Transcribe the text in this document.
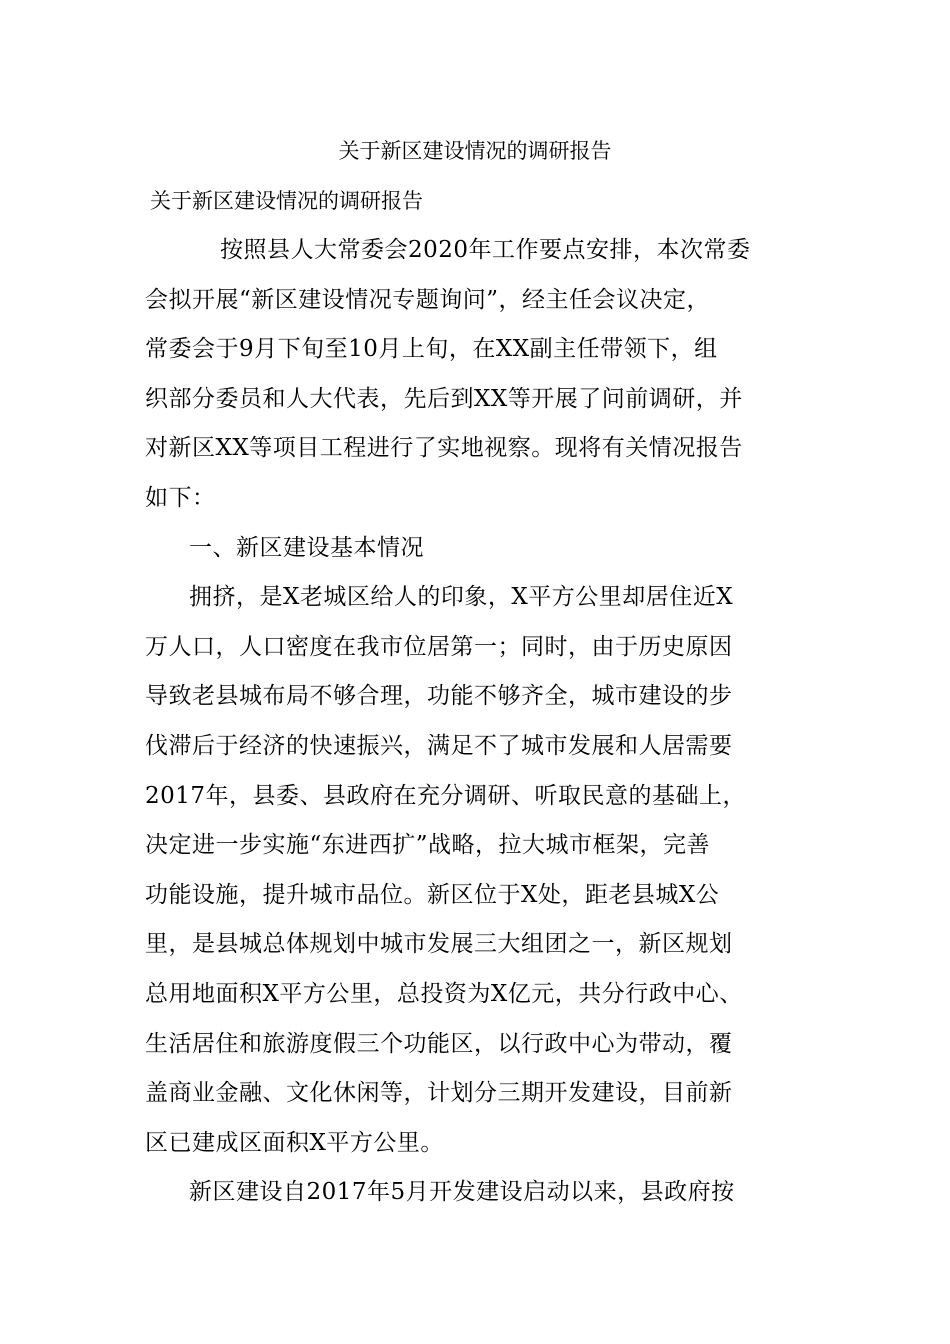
关于新区建设情况的调研报告
关于新区建设情况的调研报告
按照县人大常委会2020年工作要点安排，本次常委
会拟开展“新区建设情况专题询问”，经主任会议决定，
常委会于9月下旬至10月上旬，在XX副主任带领下，组
织部分委员和人大代表，先后到XX等开展了问前调研，并
对新区XX等项目工程进行了实地视察。现将有关情况报告
如下：
一、新区建设基本情况
拥挤，是X老城区给人的印象，X平方公里却居住近X
万人口，人口密度在我市位居第一；同时，由于历史原因
导致老县城布局不够合理，功能不够齐全，城市建设的步
伐滞后于经济的快速振兴，满足不了城市发展和人居需要
2017年，县委、县政府在充分调研、听取民意的基础上，
决定进一步实施“东进西扩”战略，拉大城市框架，完善
功能设施，提升城市品位。新区位于X处，距老县城X公
里，是县城总体规划中城市发展三大组团之一，新区规划
总用地面积X平方公里，总投资为X亿元，共分行政中心、
生活居住和旅游度假三个功能区，以行政中心为带动，覆
盖商业金融、文化休闲等，计划分三期开发建设，目前新
区已建成区面积X平方公里。
新区建设自2017年5月开发建设启动以来，县政府按
